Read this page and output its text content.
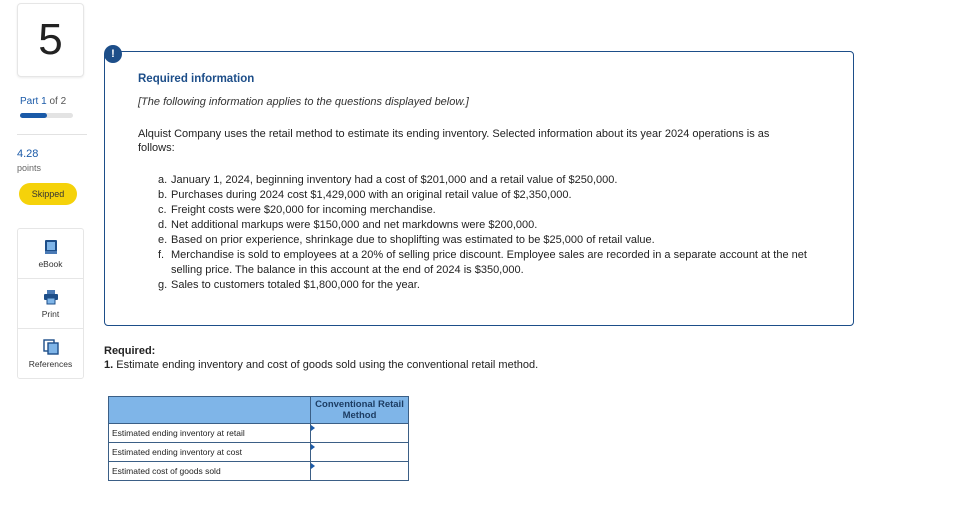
5
Part 1 of 2
4.28
points
Skipped
eBook
Print
References
!
Required information
[The following information applies to the questions displayed below.]
Alquist Company uses the retail method to estimate its ending inventory. Selected information about its year 2024 operations is as follows:
a. January 1, 2024, beginning inventory had a cost of $201,000 and a retail value of $250,000.
b. Purchases during 2024 cost $1,429,000 with an original retail value of $2,350,000.
c. Freight costs were $20,000 for incoming merchandise.
d. Net additional markups were $150,000 and net markdowns were $200,000.
e. Based on prior experience, shrinkage due to shoplifting was estimated to be $25,000 of retail value.
f. Merchandise is sold to employees at a 20% of selling price discount. Employee sales are recorded in a separate account at the net selling price. The balance in this account at the end of 2024 is $350,000.
g. Sales to customers totaled $1,800,000 for the year.
Required:
1. Estimate ending inventory and cost of goods sold using the conventional retail method.
	Conventional Retail Method
Estimated ending inventory at retail	

Estimated ending inventory at cost	

Estimated cost of goods sold	
